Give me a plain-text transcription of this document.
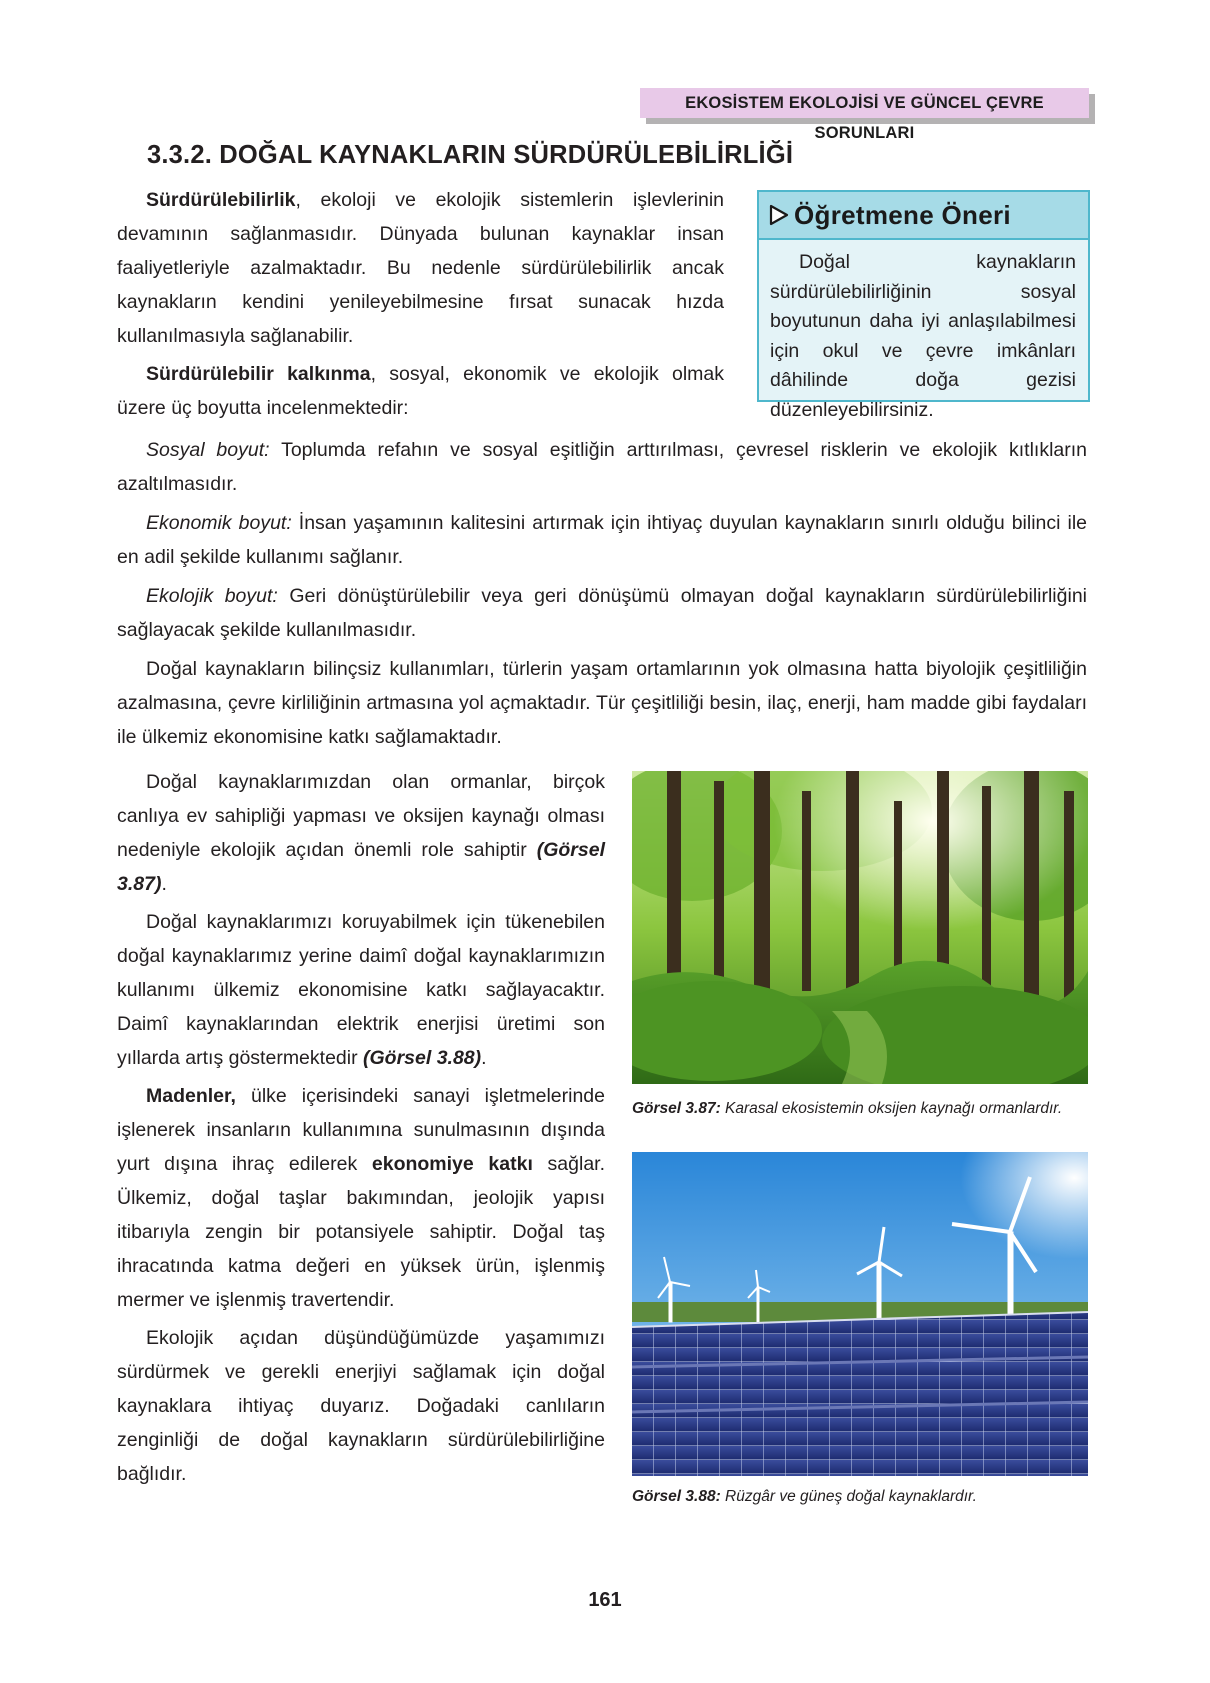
EKOSİSTEM EKOLOJİSİ VE GÜNCEL ÇEVRE SORUNLARI
3.3.2. DOĞAL KAYNAKLARIN SÜRDÜRÜLEBİLİRLİĞİ

Sürdürülebilirlik, ekoloji ve ekolojik sistemlerin işlevlerinin devamının sağlanmasıdır. Dünyada bulunan kaynaklar insan faaliyetleriyle azalmaktadır. Bu nedenle sürdürülebilirlik ancak kaynakların kendini yenileyebilmesine fırsat sunacak hızda kullanılmasıyla sağlanabilir.

Sürdürülebilir kalkınma, sosyal, ekonomik ve ekolojik olmak üzere üç boyutta incelenmektedir:

Öğretmene Öneri
Doğal kaynakların sürdürülebilirliğinin sosyal boyutunun daha iyi anlaşılabilmesi için okul ve çevre imkânları dâhilinde doğa gezisi düzenleyebilirsiniz.

Sosyal boyut: Toplumda refahın ve sosyal eşitliğin arttırılması, çevresel risklerin ve ekolojik kıtlıkların azaltılmasıdır.

Ekonomik boyut: İnsan yaşamının kalitesini artırmak için ihtiyaç duyulan kaynakların sınırlı olduğu bilinci ile en adil şekilde kullanımı sağlanır.

Ekolojik boyut: Geri dönüştürülebilir veya geri dönüşümü olmayan doğal kaynakların sürdürülebilirliğini sağlayacak şekilde kullanılmasıdır.

Doğal kaynakların bilinçsiz kullanımları, türlerin yaşam ortamlarının yok olmasına hatta biyolojik çeşitliliğin azalmasına, çevre kirliliğinin artmasına yol açmaktadır. Tür çeşitliliği besin, ilaç, enerji, ham madde gibi faydaları ile ülkemiz ekonomisine katkı sağlamaktadır.

Doğal kaynaklarımızdan olan ormanlar, birçok canlıya ev sahipliği yapması ve oksijen kaynağı olması nedeniyle ekolojik açıdan önemli role sahiptir (Görsel 3.87).

Doğal kaynaklarımızı koruyabilmek için tükenebilen doğal kaynaklarımız yerine daimî doğal kaynaklarımızın kullanımı ülkemiz ekonomisine katkı sağlayacaktır. Daimî kaynaklarından elektrik enerjisi üretimi son yıllarda artış göstermektedir (Görsel 3.88).

Madenler, ülke içerisindeki sanayi işletmelerinde işlenerek insanların kullanımına sunulmasının dışında yurt dışına ihraç edilerek ekonomiye katkı sağlar. Ülkemiz, doğal taşlar bakımından, jeolojik yapısı itibarıyla zengin bir potansiyele sahiptir. Doğal taş ihracatında katma değeri en yüksek ürün, işlenmiş mermer ve işlenmiş travertendir.

Ekolojik açıdan düşündüğümüzde yaşamımızı sürdürmek ve gerekli enerjiyi sağlamak için doğal kaynaklara ihtiyaç duyarız. Doğadaki canlıların zenginliği de doğal kaynakların sürdürülebilirliğine bağlıdır.

Görsel 3.87: Karasal ekosistemin oksijen kaynağı ormanlardır.
Görsel 3.88: Rüzgâr ve güneş doğal kaynaklardır.
161
